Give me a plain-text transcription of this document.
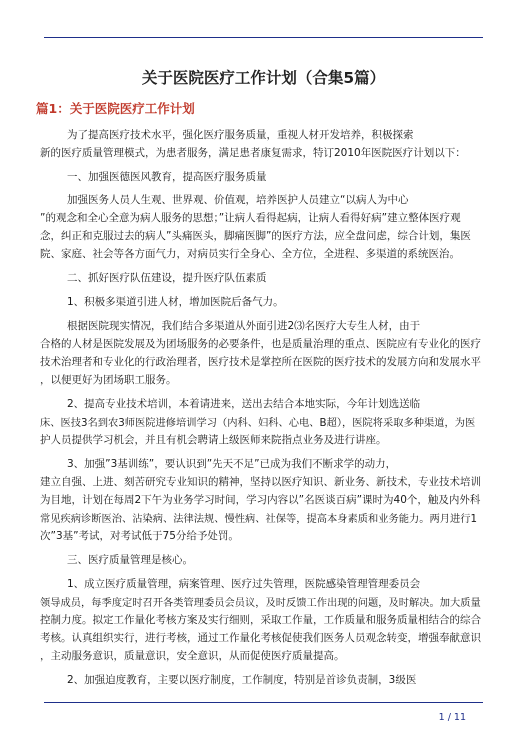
关于医院医疗工作计划（合集5篇）
篇1：关于医院医疗工作计划
为了提高医疗技术水平，强化医疗服务质量，重视人材开发培养，积极探索
新的医疗质量管理模式，为患者服务，满足患者康复需求，特订2010年医院医疗计划以下：
一、加强医德医风教育，提高医疗服务质量
加强医务人员人生观、世界观、价值观，培养医护人员建立“以病人为中心
”的观念和全心全意为病人服务的思想；”让病人看得起病，让病人看得好病”建立整体医疗观
念，纠正和克服过去的病人”头痛医头，脚痛医脚”的医疗方法，应全盘问虑，综合计划，集医
院、家庭、社会等各方面气力，对病员实行全身心、全方位，全进程、多渠道的系统医治。
二、抓好医疗队伍建设，提升医疗队伍素质
1、积极多渠道引进人材，增加医院后备气力。
根据医院现实情况，我们结合多渠道从外面引进2⑶名医疗大专生人材，由于
合格的人材是医院发展及为团场服务的必要条件，也是质量治理的重点、医院应有专业化的医疗
技术治理者和专业化的行政治理者，医疗技术是掌控所在医院的医疗技术的发展方向和发展水平
，以便更好为团场职工服务。
2、提高专业技术培训，本着请进来，送出去结合本地实际，今年计划选送临
床、医技3名到农3师医院进修培训学习（内科、妇科、心电、B超），医院将采取多种渠道，为医
护人员提供学习机会，并且有机会聘请上级医师来院指点业务及进行讲座。
3、加强”3基训练”，要认识到”先天不足”已成为我们不断求学的动力，
建立自强、上进、刻苦研究专业知识的精神，坚持以医疗知识、新业务、新技术，专业技术培训
为目地，计划在每周2下午为业务学习时间，学习内容以”名医谈百病”课时为40个，触及内外科
常见疾病诊断医治、沾染病、法律法规、慢性病、社保等，提高本身素质和业务能力。两月进行1
次”3基”考试，对考试低于75分给予处罚。
三、医疗质量管理是核心。
1、成立医疗质量管理，病案管理、医疗过失管理，医院感染管理管理委员会
领导成员，每季度定时召开各类管理委员会员议，及时反馈工作出现的问题，及时解决。加大质量
控制力度。拟定工作量化考核方案及实行细则，采取工作量，工作质量和服务质量相结合的综合
考核。认真组织实行，进行考核，通过工作量化考核促使我们医务人员观念转变，增强奉献意识
，主动服务意识，质量意识，安全意识，从而促使医疗质量提高。
2、加强迫度教育，主要以医疗制度，工作制度，特别是首诊负责制，3级医
1 / 11
